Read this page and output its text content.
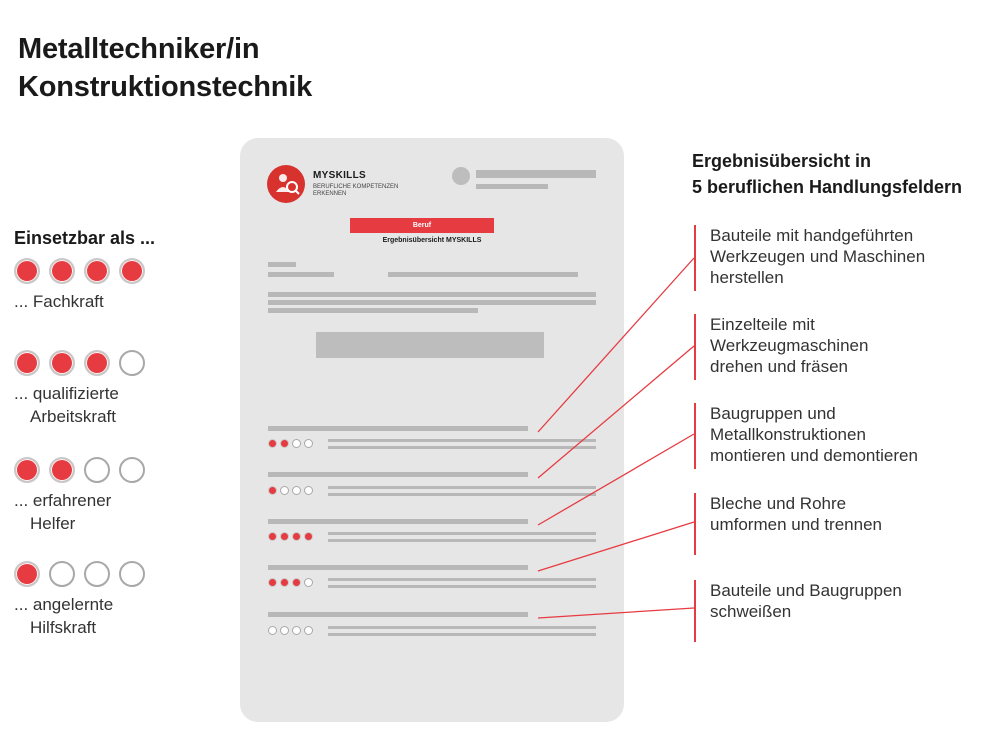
Metalltechniker/in
Konstruktionstechnik
Einsetzbar als ...
... Fachkraft
... qualifizierte
Arbeitskraft
... erfahrener
Helfer
... angelernte
Hilfskraft
MYSKILLS
BERUFLICHE KOMPETENZEN ERKENNEN
Beruf
Ergebnisübersicht MYSKILLS
Ergebnisübersicht in
5 beruflichen Handlungsfeldern
Bauteile mit handgeführten
Werkzeugen und Maschinen
herstellen
Einzelteile mit
Werkzeugmaschinen
drehen und fräsen
Baugruppen und
Metallkonstruktionen
montieren und demontieren
Bleche und Rohre
umformen und trennen
Bauteile und Baugruppen
schweißen
